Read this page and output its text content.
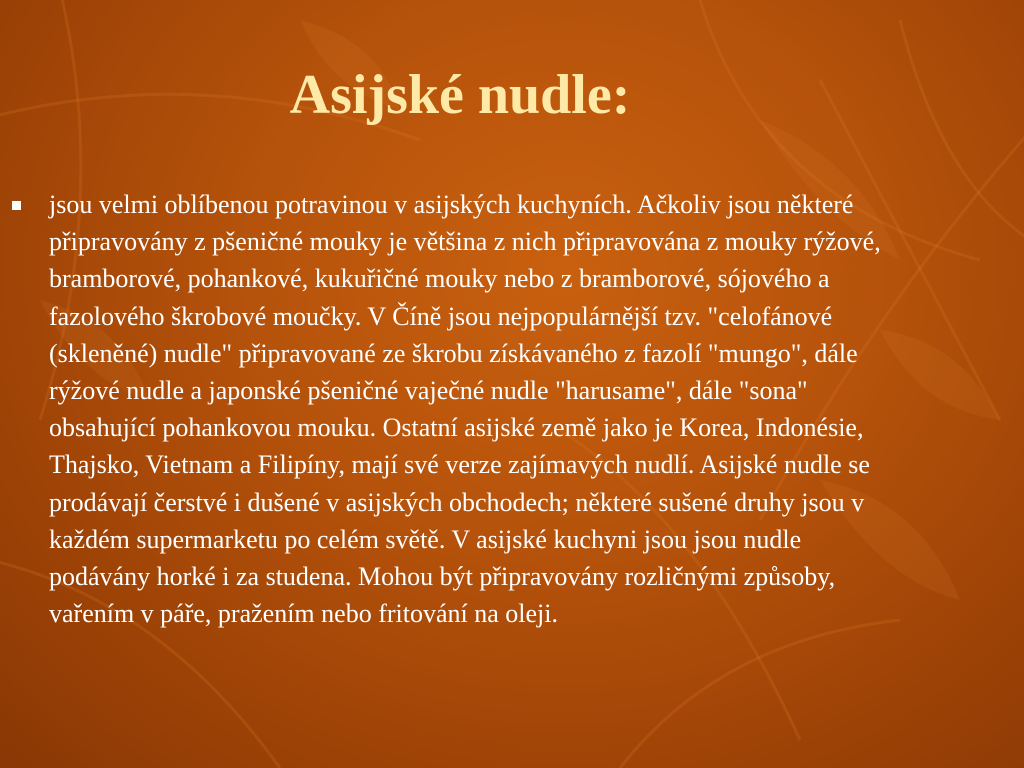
Asijské nudle:
jsou velmi oblíbenou potravinou v asijských kuchyních. Ačkoliv jsou některé připravovány z pšeničné mouky je většina z nich připravována z mouky rýžové, bramborové, pohankové, kukuřičné mouky nebo z bramborové, sójového a fazolového škrobové moučky. V Číně jsou nejpopulárnější tzv. "celofánové (skleněné) nudle" připravované ze škrobu získávaného z fazolí "mungo", dále rýžové nudle a japonské pšeničné vaječné nudle "harusame", dále "sona" obsahující pohankovou mouku. Ostatní asijské země jako je Korea, Indonésie, Thajsko, Vietnam a Filipíny, mají své verze zajímavých nudlí. Asijské nudle se prodávají čerstvé i dušené v asijských obchodech; některé sušené druhy jsou v každém supermarketu po celém světě. V asijské kuchyni jsou jsou nudle podávány horké i za studena. Mohou být připravovány rozličnými způsoby, vařením v páře, pražením nebo fritování na oleji.
